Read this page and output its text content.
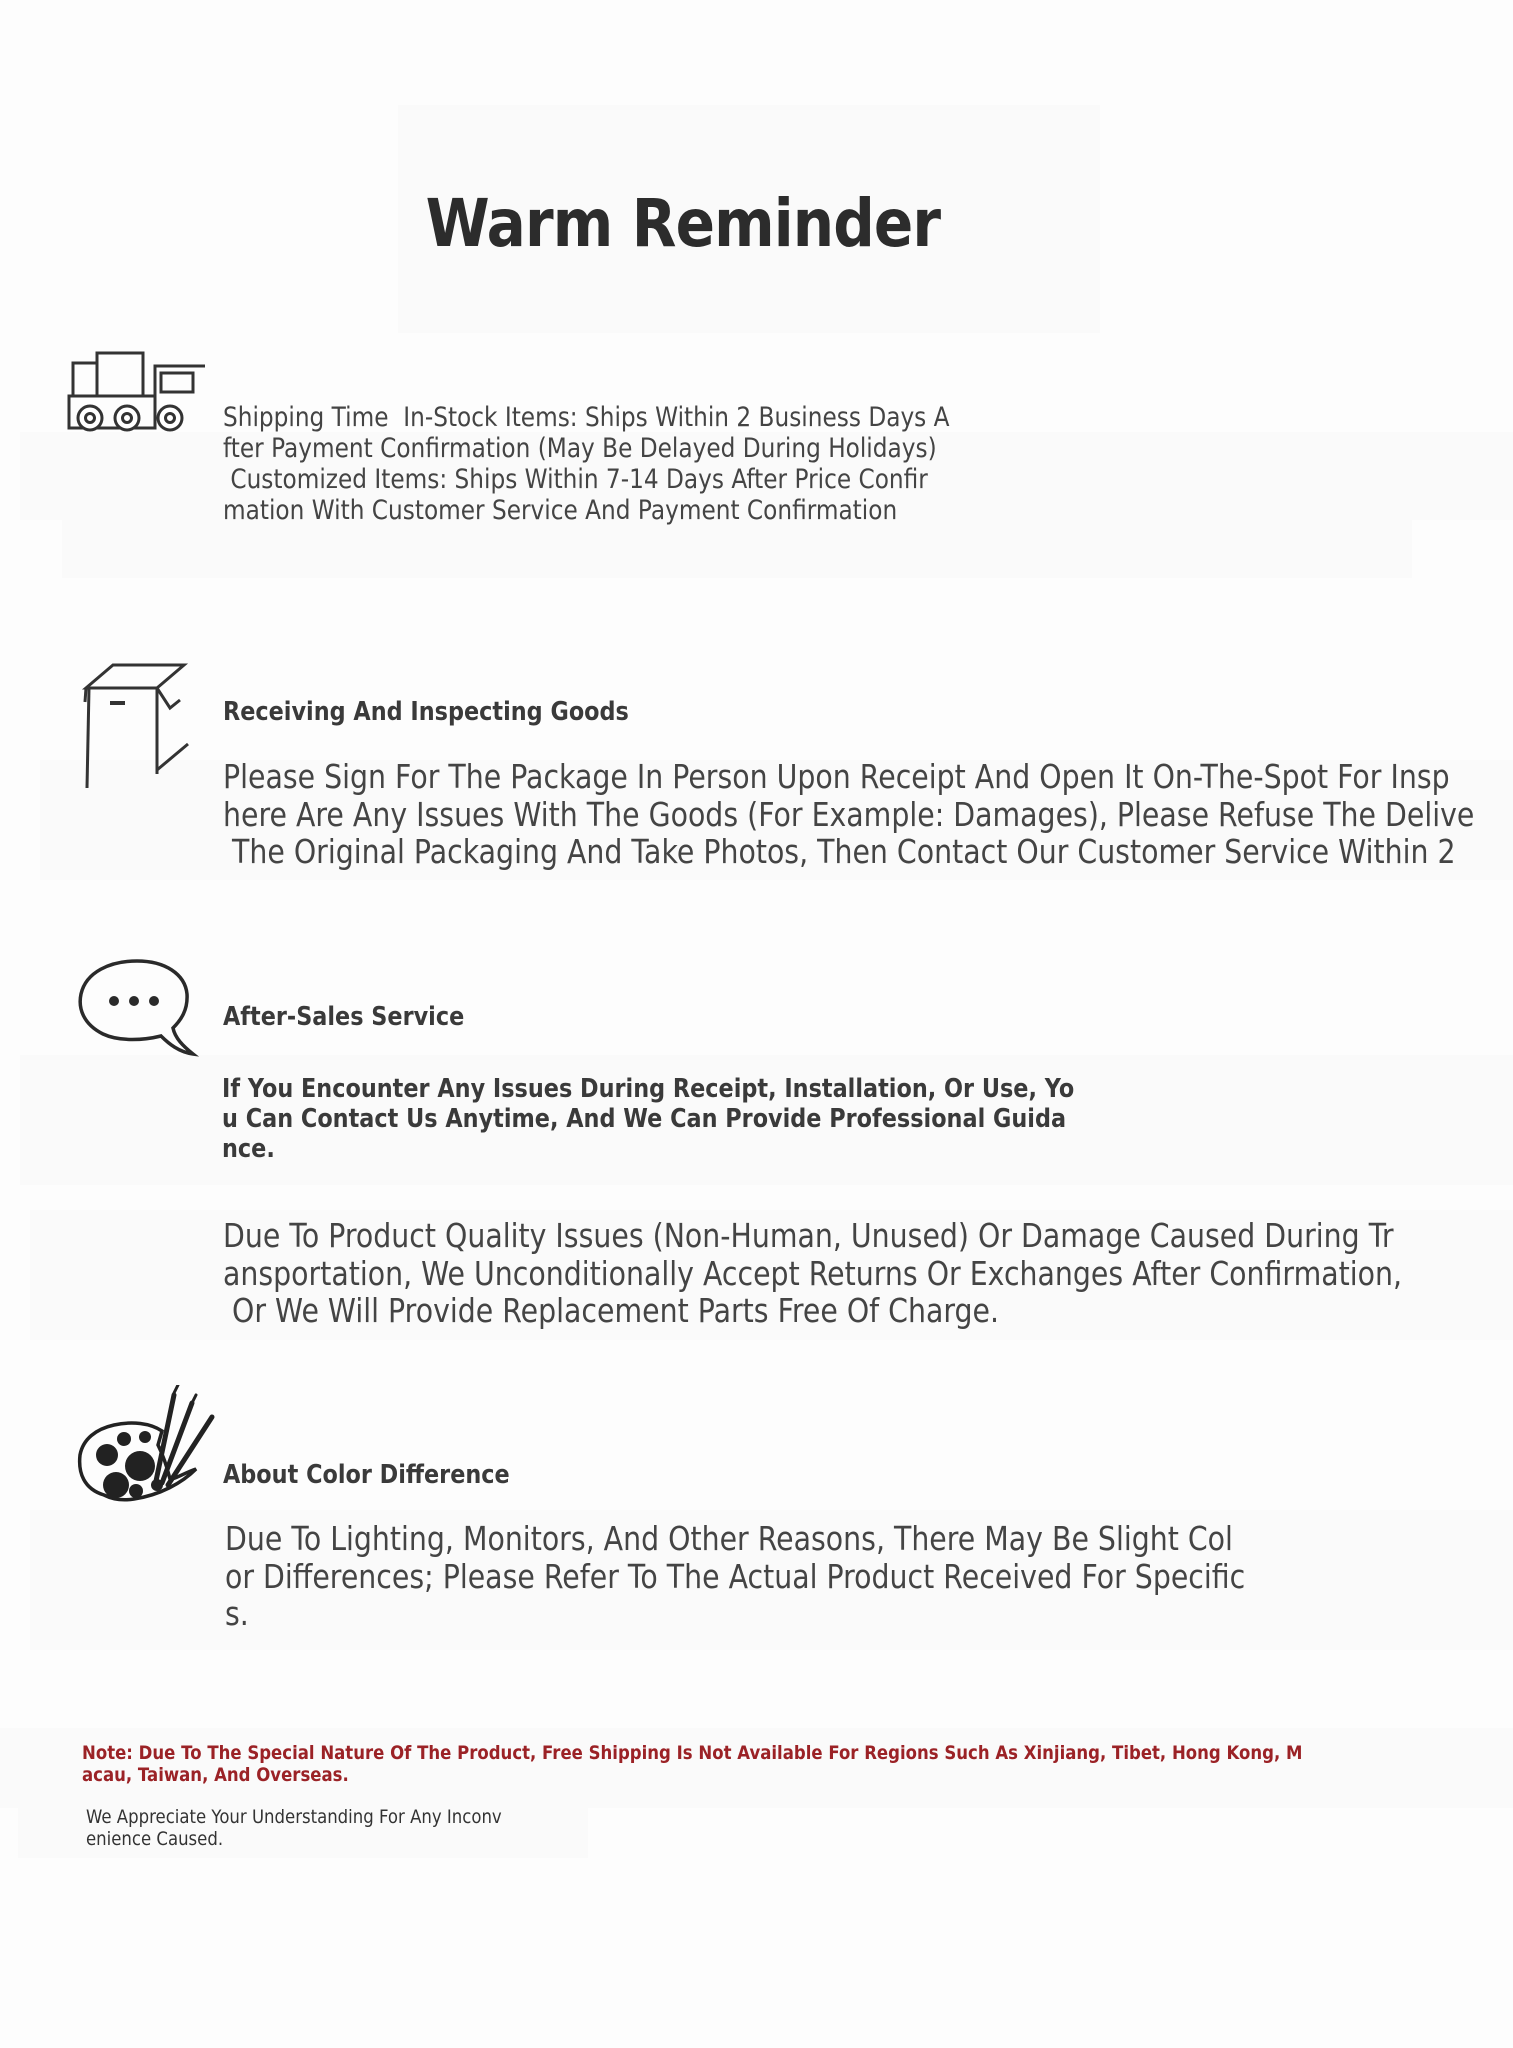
Warm Reminder
Shipping Time  In-Stock Items: Ships Within 2 Business Days A
fter Payment Confirmation (May Be Delayed During Holidays)
Customized Items: Ships Within 7-14 Days After Price Confir
mation With Customer Service And Payment Confirmation
Receiving And Inspecting Goods
Please Sign For The Package In Person Upon Receipt And Open It On-The-Spot For Insp
here Are Any Issues With The Goods (For Example: Damages), Please Refuse The Delive
The Original Packaging And Take Photos, Then Contact Our Customer Service Within 2
After-Sales Service
If You Encounter Any Issues During Receipt, Installation, Or Use, Yo
u Can Contact Us Anytime, And We Can Provide Professional Guida
nce.
Due To Product Quality Issues (Non-Human, Unused) Or Damage Caused During Tr
ansportation, We Unconditionally Accept Returns Or Exchanges After Confirmation,
Or We Will Provide Replacement Parts Free Of Charge.
About Color Difference
Due To Lighting, Monitors, And Other Reasons, There May Be Slight Col
or Differences; Please Refer To The Actual Product Received For Specific
s.
Note: Due To The Special Nature Of The Product, Free Shipping Is Not Available For Regions Such As Xinjiang, Tibet, Hong Kong, M
acau, Taiwan, And Overseas.
We Appreciate Your Understanding For Any Inconv
enience Caused.
